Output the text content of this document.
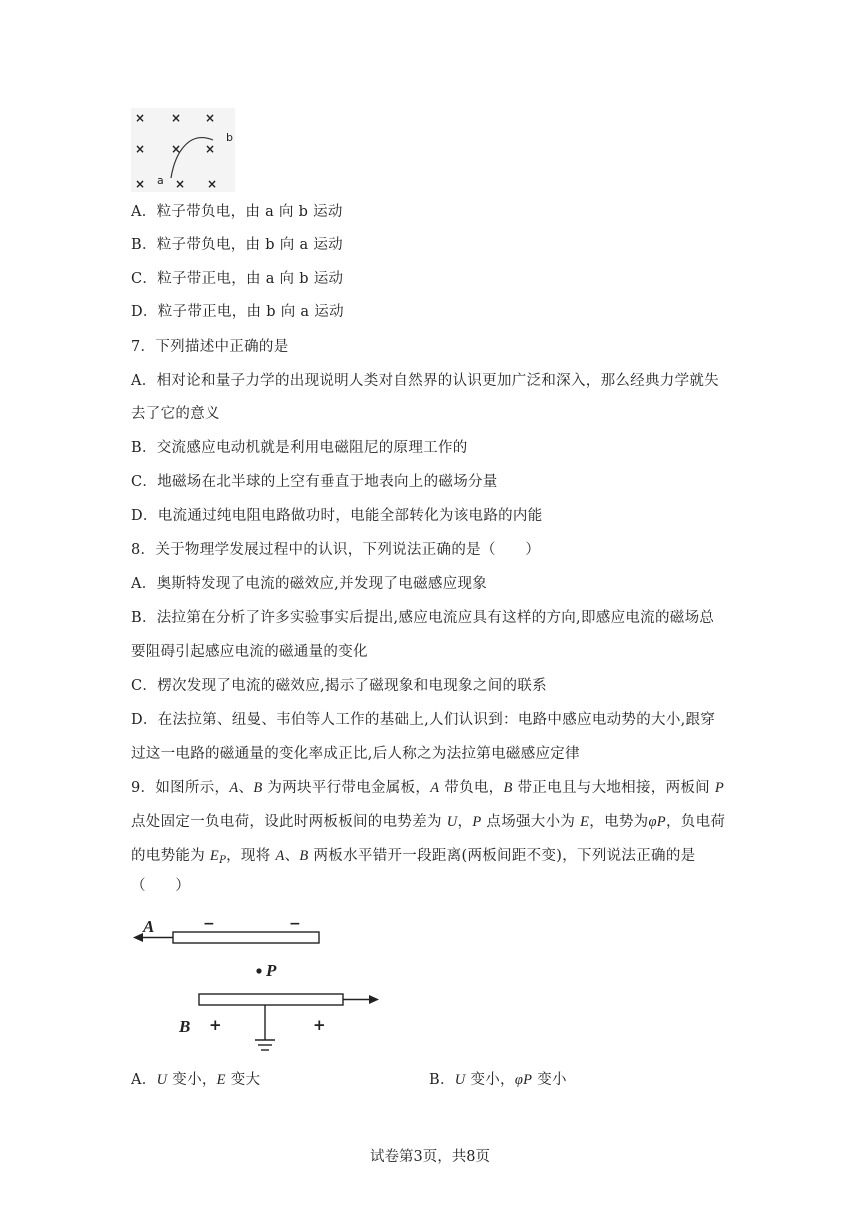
× × ×
× × ×
× × ×
a
b
A．粒子带负电，由 a 向 b 运动
B．粒子带负电，由 b 向 a 运动
C．粒子带正电，由 a 向 b 运动
D．粒子带正电，由 b 向 a 运动
7．下列描述中正确的是
A．相对论和量子力学的出现说明人类对自然界的认识更加广泛和深入，那么经典力学就失
去了它的意义
B．交流感应电动机就是利用电磁阻尼的原理工作的
C．地磁场在北半球的上空有垂直于地表向上的磁场分量
D．电流通过纯电阻电路做功时，电能全部转化为该电路的内能
8．关于物理学发展过程中的认识，下列说法正确的是（　　）
A．奥斯特发现了电流的磁效应,并发现了电磁感应现象
B．法拉第在分析了许多实验事实后提出,感应电流应具有这样的方向,即感应电流的磁场总
要阻碍引起感应电流的磁通量的变化
C．楞次发现了电流的磁效应,揭示了磁现象和电现象之间的联系
D．在法拉第、纽曼、韦伯等人工作的基础上,人们认识到：电路中感应电动势的大小,跟穿
过这一电路的磁通量的变化率成正比,后人称之为法拉第电磁感应定律
9．如图所示，A、B 为两块平行带电金属板，A 带负电，B 带正电且与大地相接，两板间 P
点处固定一负电荷，设此时两板板间的电势差为 U，P 点场强大小为 E，电势为φP，负电荷
的电势能为 $E_P$，现将 A、B 两板水平错开一段距离(两板间距不变)，下列说法正确的是
（　　）
A	−	−
P
B +	+
A．U 变小，E 变大	B．U 变小，φP 变小
试卷第3页，共8页
